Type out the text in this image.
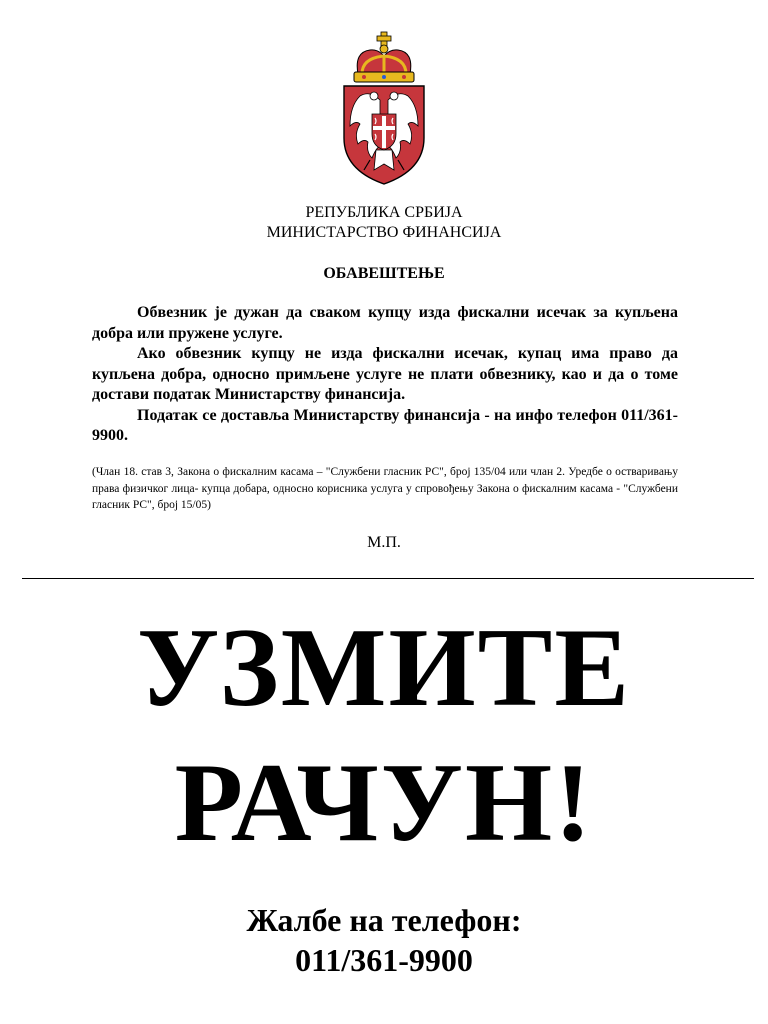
РЕПУБЛИКА СРБИЈА
МИНИСТАРСТВО ФИНАНСИЈА
ОБАВЕШТЕЊЕ

Обвезник је дужан да сваком купцу изда фискални исечак за купљена добра или пружене услуге.

Ако обвезник купцу не изда фискални исечак, купац има право да купљена добра, односно примљене услуге не плати обвезнику, као и да о томе достави податак Министарству финансија.

Податак се доставља Министарству финансија - на инфо телефон 011/361-9900.

(Члан 18. став 3, Закона о фискалним касама – "Службени гласник РС", број 135/04 или члан 2. Уредбе о остваривању права физичког лица- купца добара, односно корисника услуга у спровођењу Закона о фискалним касама - "Службени гласник РС", број 15/05)
М.П.
УЗМИТЕ
РАЧУН!
Жалбе на телефон:
011/361-9900
